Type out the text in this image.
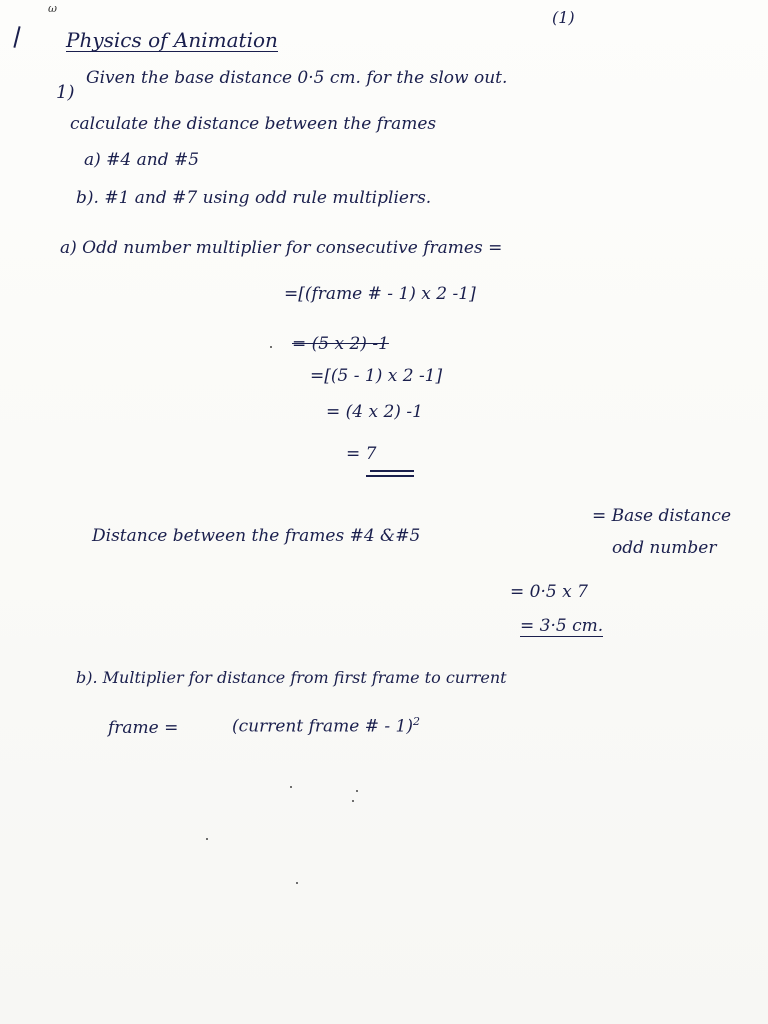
ω	(1)
Physics of Animation
1)
Given the base distance 0·5 cm. for the slow out.
calculate the distance between the frames
a) #4 and #5
b). #1 and #7 using odd rule multipliers.
a) Odd number multiplier for consecutive frames =
=[(frame # - 1) x 2 -1]
= (5 x 2) -1
=[(5 - 1) x 2 -1]
= (4 x 2) -1
= 7
Distance between the frames #4 &#5
= Base distance
odd number
= 0·5 x 7
= 3·5 cm.
b). Multiplier for distance from first frame to current
frame =	(current frame # - 1)$^2$
